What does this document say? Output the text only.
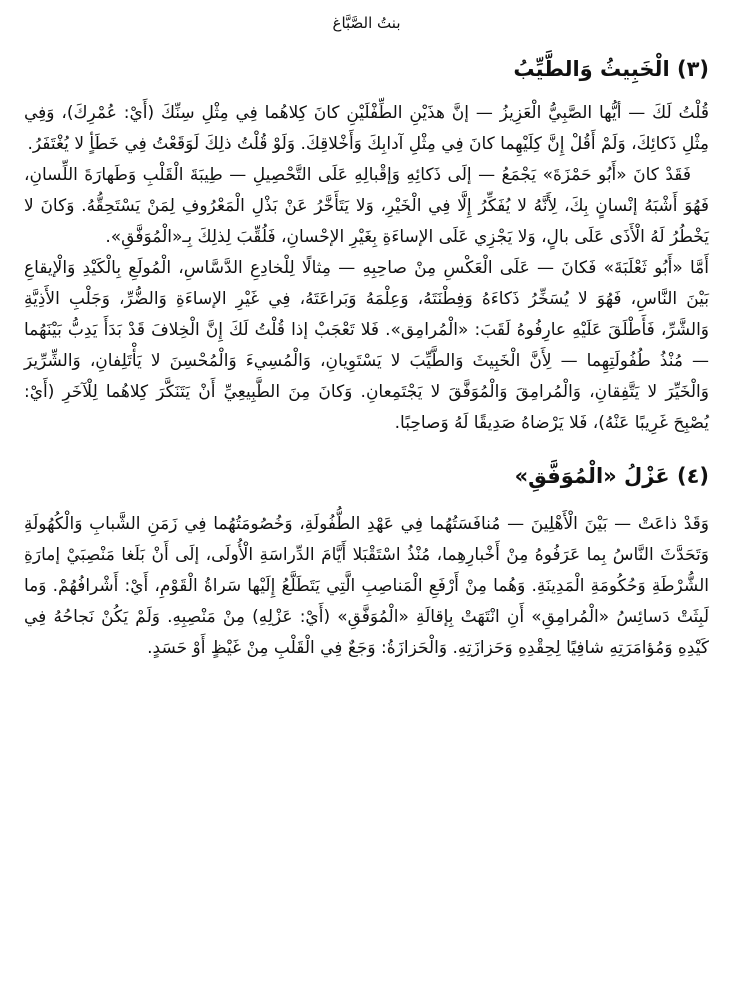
بنتُ الصَّبَّاغ
(٣) الْخَبِيثُ وَالطَّيِّبُ

قُلْتُ لَكَ — أيُّها الصَّبِيُّ الْعَزِيزُ — إنَّ هذَيْنِ الطِّفْلَيْنِ كانَ كِلاهُما فِي مِثْلِ سِنِّكَ (أَيْ: عُمْرِكَ)، وَفِي مِثْلِ ذَكائِكَ، وَلَمْ أَقُلْ إِنَّ كِلَيْهِما كانَ فِي مِثْلِ آدابِكَ وَأَخْلاقِكَ. وَلَوْ قُلْتُ ذلِكَ لَوَقَعْتُ فِي خَطَأٍ لا يُغْتَفَرُ.

فَقَدْ كانَ «أَبُو حَمْزَةَ» يَجْمَعُ — إلَى ذَكائِهِ وَإقْبالِهِ عَلَى التَّحْصِيلِ — طِيبَةَ الْقَلْبِ وَطَهارَةَ اللِّسانِ، فَهُوَ أَشْبَهُ إنْسانٍ بِكَ، لِأَنَّهُ لا يُفَكِّرُ إِلَّا فِي الْخَيْرِ، وَلا يَتَأَخَّرُ عَنْ بَذْلِ الْمَعْرُوفِ لِمَنْ يَسْتَحِقُّهُ. وَكانَ لا يَخْطُرُ لَهُ الْأَذَى عَلَى بالٍ، وَلا يَجْزِي عَلَى الإساءَةِ بِغَيْرِ الإحْسانِ، فَلُقِّبَ لِذلِكَ بِـ«الْمُوَفَّقِ».

أَمَّا «أَبُو ثَعْلَبَةَ» فَكانَ — عَلَى الْعَكْسِ مِنْ صاحِبِهِ — مِثالًا لِلْخادِعِ الدَّسَّاسِ، الْمُولَعِ بِالْكَيْدِ وَالْإيقاعِ بَيْنَ النَّاسِ، فَهُوَ لا يُسَخِّرُ ذَكاءَهُ وَفِطْنَتَهُ، وَعِلْمَهُ وَبَراعَتَهُ، فِي غَيْرِ الإساءَةِ وَالضُّرِّ، وَجَلْبِ الأَذِيَّةِ وَالشَّرِّ، فَأَطْلَقَ عَلَيْهِ عارِفُوهُ لَقَبَ: «الْمُرامِق». فَلا تَعْجَبْ إذا قُلْتُ لَكَ إِنَّ الْخِلافَ قَدْ بَدَأَ يَدِبُّ بَيْنَهُما — مُنْذُ طُفُولَتِهِما — لِأَنَّ الْخَبِيثَ وَالطَّيِّبَ لا يَسْتَوِيانِ، وَالْمُسِيءَ وَالْمُحْسِنَ لا يَأْتَلِفانِ، وَالشِّرِّيرَ وَالْخَيِّرَ لا يَتَّفِقانِ، وَالْمُرامِقَ وَالْمُوَفَّقَ لا يَجْتَمِعانِ. وَكانَ مِنَ الطَّبِيعِيِّ أَنْ يَتَنَكَّرَ كِلاهُما لِلْآخَرِ (أَيْ: يُصْبِحَ غَرِيبًا عَنْهُ)، فَلا يَرْضاهُ صَدِيقًا لَهُ وَصاحِبًا.

(٤) عَزْلُ «الْمُوَفَّقِ»

وَقَدْ ذاعَتْ — بَيْنَ الْأَهْلِينَ — مُنافَسَتُهُما فِي عَهْدِ الطُّفُولَةِ، وَخُصُومَتُهُما فِي زَمَنِ الشَّبابِ وَالْكُهُولَةِ وَتَحَدَّثَ النَّاسُ بِما عَرَفُوهُ مِنْ أَخْبارِهِما، مُنْذُ اسْتَقْبَلا أَيَّامَ الدِّراسَةِ الْأُولَى، إلَى أَنْ بَلَغا مَنْصِبَيْ إمارَةِ الشُّرْطَةِ وَحُكُومَةِ الْمَدِينَةِ. وَهُما مِنْ أَرْفَعِ الْمَناصِبِ الَّتِي يَتَطَلَّعُ إِلَيْها سَراةُ الْقَوْمِ، أَيْ: أَشْرافُهُمْ. وَما لَبِثَتْ دَسائِسُ «الْمُرامِقِ» أَنِ انْتَهَتْ بِإقالَةِ «الْمُوَفَّقِ» (أَيْ: عَزْلِهِ) مِنْ مَنْصِبِهِ. وَلَمْ يَكُنْ نَجاحُهُ فِي كَيْدِهِ وَمُؤامَرَتِهِ شافِيًا لِحِقْدِهِ وَحَزازَتِهِ. وَالْحَزازَةُ: وَجَعٌ فِي الْقَلْبِ مِنْ غَيْظٍ أَوْ حَسَدٍ.
